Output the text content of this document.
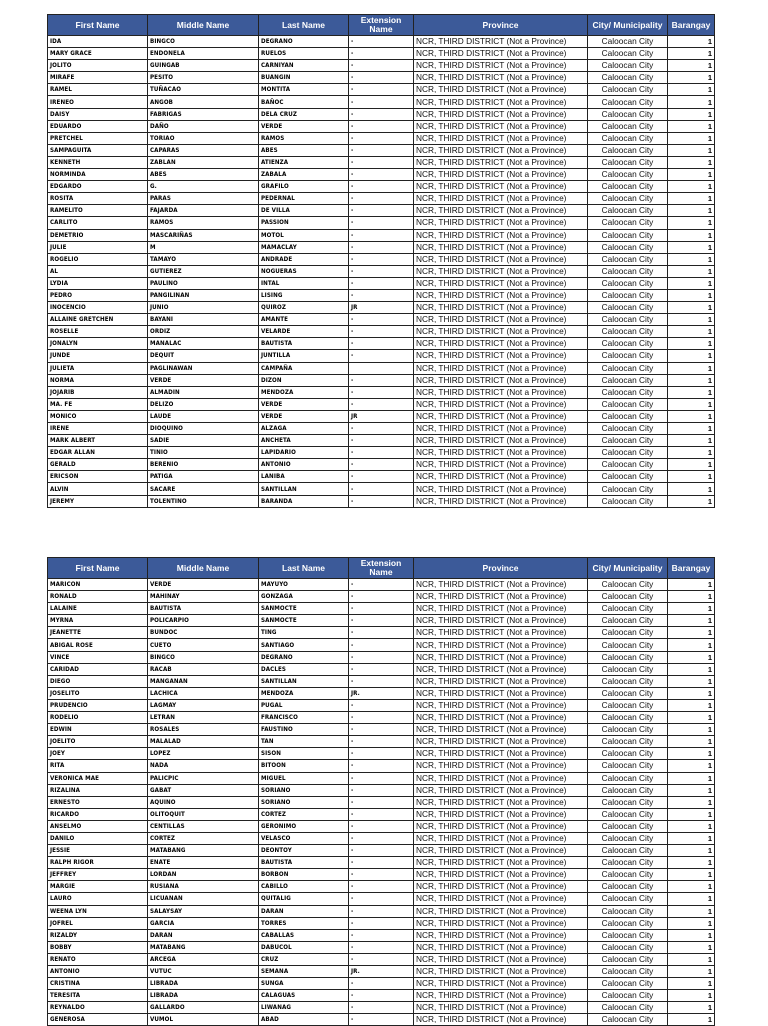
First Name	Middle Name	Last Name	Extension Name	Province	City/ Municipality	Barangay
IDA	BINGCO	DEGRANO	-	NCR, THIRD DISTRICT (Not a Province)	Caloocan City	1
MARY GRACE	ENDONELA	RUELOS	-	NCR, THIRD DISTRICT (Not a Province)	Caloocan City	1
JOLITO	GUINGAB	CARNIYAN	-	NCR, THIRD DISTRICT (Not a Province)	Caloocan City	1
MIRAFE	PESITO	BUANGIN	-	NCR, THIRD DISTRICT (Not a Province)	Caloocan City	1
RAMEL	TUÑACAO	MONTITA	-	NCR, THIRD DISTRICT (Not a Province)	Caloocan City	1
IRENEO	ANGOB	BAÑOC	-	NCR, THIRD DISTRICT (Not a Province)	Caloocan City	1
DAISY	FABRIGAS	DELA CRUZ	-	NCR, THIRD DISTRICT (Not a Province)	Caloocan City	1
EDUARDO	DAÑO	VERDE	-	NCR, THIRD DISTRICT (Not a Province)	Caloocan City	1
PRETCHEL	TORIAO	RAMOS	-	NCR, THIRD DISTRICT (Not a Province)	Caloocan City	1
SAMPAGUITA	CAPARAS	ABES	-	NCR, THIRD DISTRICT (Not a Province)	Caloocan City	1
KENNETH	ZABLAN	ATIENZA	-	NCR, THIRD DISTRICT (Not a Province)	Caloocan City	1
NORMINDA	ABES	ZABALA	-	NCR, THIRD DISTRICT (Not a Province)	Caloocan City	1
EDGARDO	G.	GRAFILO	-	NCR, THIRD DISTRICT (Not a Province)	Caloocan City	1
ROSITA	PARAS	PEDERNAL	-	NCR, THIRD DISTRICT (Not a Province)	Caloocan City	1
RAMELITO	FAJARDA	DE VILLA	-	NCR, THIRD DISTRICT (Not a Province)	Caloocan City	1
CARLITO	RAMOS	PASSION	-	NCR, THIRD DISTRICT (Not a Province)	Caloocan City	1
DEMETRIO	MASCARIÑAS	MOTOL	-	NCR, THIRD DISTRICT (Not a Province)	Caloocan City	1
JULIE	M	MAMACLAY	-	NCR, THIRD DISTRICT (Not a Province)	Caloocan City	1
ROGELIO	TAMAYO	ANDRADE	-	NCR, THIRD DISTRICT (Not a Province)	Caloocan City	1
AL	GUTIEREZ	NOGUERAS	-	NCR, THIRD DISTRICT (Not a Province)	Caloocan City	1
LYDIA	PAULINO	INTAL	-	NCR, THIRD DISTRICT (Not a Province)	Caloocan City	1
PEDRO	PANGILINAN	LISING	-	NCR, THIRD DISTRICT (Not a Province)	Caloocan City	1
INOCENCIO	JUNIO	QUIROZ	JR	NCR, THIRD DISTRICT (Not a Province)	Caloocan City	1
ALLAINE GRETCHEN	BAYANI	AMANTE	-	NCR, THIRD DISTRICT (Not a Province)	Caloocan City	1
ROSELLE	ORDIZ	VELARDE	-	NCR, THIRD DISTRICT (Not a Province)	Caloocan City	1
JONALYN	MANALAC	BAUTISTA	-	NCR, THIRD DISTRICT (Not a Province)	Caloocan City	1
JUNDE	DEQUIT	JUNTILLA	-	NCR, THIRD DISTRICT (Not a Province)	Caloocan City	1
JULIETA	PAGLINAWAN	CAMPAÑA		NCR, THIRD DISTRICT (Not a Province)	Caloocan City	1
NORMA	VERDE	DIZON	-	NCR, THIRD DISTRICT (Not a Province)	Caloocan City	1
JOJARIB	ALMADIN	MENDOZA	-	NCR, THIRD DISTRICT (Not a Province)	Caloocan City	1
MA. FE	DELIZO	VERDE	-	NCR, THIRD DISTRICT (Not a Province)	Caloocan City	1
MONICO	LAUDE	VERDE	JR	NCR, THIRD DISTRICT (Not a Province)	Caloocan City	1
IRENE	DIOQUINO	ALZAGA	-	NCR, THIRD DISTRICT (Not a Province)	Caloocan City	1
MARK ALBERT	SADIE	ANCHETA	-	NCR, THIRD DISTRICT (Not a Province)	Caloocan City	1
EDGAR ALLAN	TINIO	LAPIDARIO	-	NCR, THIRD DISTRICT (Not a Province)	Caloocan City	1
GERALD	BERENIO	ANTONIO	-	NCR, THIRD DISTRICT (Not a Province)	Caloocan City	1
ERICSON	PATIGA	LANIBA	-	NCR, THIRD DISTRICT (Not a Province)	Caloocan City	1
ALVIN	SACARE	SANTILLAN	-	NCR, THIRD DISTRICT (Not a Province)	Caloocan City	1
JEREMY	TOLENTINO	BARANDA	-	NCR, THIRD DISTRICT (Not a Province)	Caloocan City	1
First Name	Middle Name	Last Name	Extension Name	Province	City/ Municipality	Barangay
MARICON	VERDE	MAYUYO	-	NCR, THIRD DISTRICT (Not a Province)	Caloocan City	1
RONALD	MAHINAY	GONZAGA	-	NCR, THIRD DISTRICT (Not a Province)	Caloocan City	1
LALAINE	BAUTISTA	SANMOCTE	-	NCR, THIRD DISTRICT (Not a Province)	Caloocan City	1
MYRNA	POLICARPIO	SANMOCTE	-	NCR, THIRD DISTRICT (Not a Province)	Caloocan City	1
JEANETTE	BUNDOC	TING	-	NCR, THIRD DISTRICT (Not a Province)	Caloocan City	1
ABIGAL ROSE	CUETO	SANTIAGO	-	NCR, THIRD DISTRICT (Not a Province)	Caloocan City	1
VINCE	BINGCO	DEGRANO	-	NCR, THIRD DISTRICT (Not a Province)	Caloocan City	1
CARIDAD	RACAB	DACLES	-	NCR, THIRD DISTRICT (Not a Province)	Caloocan City	1
DIEGO	MANGANAN	SANTILLAN	-	NCR, THIRD DISTRICT (Not a Province)	Caloocan City	1
JOSELITO	LACHICA	MENDOZA	JR.	NCR, THIRD DISTRICT (Not a Province)	Caloocan City	1
PRUDENCIO	LAGMAY	PUGAL	-	NCR, THIRD DISTRICT (Not a Province)	Caloocan City	1
RODELIO	LETRAN	FRANCISCO	-	NCR, THIRD DISTRICT (Not a Province)	Caloocan City	1
EDWIN	ROSALES	FAUSTINO	-	NCR, THIRD DISTRICT (Not a Province)	Caloocan City	1
JOELITO	MALALAD	TAN	-	NCR, THIRD DISTRICT (Not a Province)	Caloocan City	1
JOEY	LOPEZ	SISON	-	NCR, THIRD DISTRICT (Not a Province)	Caloocan City	1
RITA	NADA	BITOON	-	NCR, THIRD DISTRICT (Not a Province)	Caloocan City	1
VERONICA MAE	PALICPIC	MIGUEL	-	NCR, THIRD DISTRICT (Not a Province)	Caloocan City	1
RIZALINA	GABAT	SORIANO	-	NCR, THIRD DISTRICT (Not a Province)	Caloocan City	1
ERNESTO	AQUINO	SORIANO	-	NCR, THIRD DISTRICT (Not a Province)	Caloocan City	1
RICARDO	OLITOQUIT	CORTEZ	-	NCR, THIRD DISTRICT (Not a Province)	Caloocan City	1
ANSELMO	CENTILLAS	GERONIMO	-	NCR, THIRD DISTRICT (Not a Province)	Caloocan City	1
DANILO	CORTEZ	VELASCO	-	NCR, THIRD DISTRICT (Not a Province)	Caloocan City	1
JESSIE	MATABANG	DEONTOY	-	NCR, THIRD DISTRICT (Not a Province)	Caloocan City	1
RALPH RIGOR	ENATE	BAUTISTA	-	NCR, THIRD DISTRICT (Not a Province)	Caloocan City	1
JEFFREY	LORDAN	BORBON	-	NCR, THIRD DISTRICT (Not a Province)	Caloocan City	1
MARGIE	RUSIANA	CABILLO	-	NCR, THIRD DISTRICT (Not a Province)	Caloocan City	1
LAURO	LICUANAN	QUITALIG	-	NCR, THIRD DISTRICT (Not a Province)	Caloocan City	1
WEENA LYN	SALAYSAY	DARAN	-	NCR, THIRD DISTRICT (Not a Province)	Caloocan City	1
JOFREL	GARCIA	TORRES	-	NCR, THIRD DISTRICT (Not a Province)	Caloocan City	1
RIZALDY	DARAN	CABALLAS	-	NCR, THIRD DISTRICT (Not a Province)	Caloocan City	1
BOBBY	MATABANG	DABUCOL	-	NCR, THIRD DISTRICT (Not a Province)	Caloocan City	1
RENATO	ARCEGA	CRUZ	-	NCR, THIRD DISTRICT (Not a Province)	Caloocan City	1
ANTONIO	VUTUC	SEMANA	JR.	NCR, THIRD DISTRICT (Not a Province)	Caloocan City	1
CRISTINA	LIBRADA	SUNGA	-	NCR, THIRD DISTRICT (Not a Province)	Caloocan City	1
TERESITA	LIBRADA	CALAGUAS	-	NCR, THIRD DISTRICT (Not a Province)	Caloocan City	1
REYNALDO	GALLARDO	LIWANAG	-	NCR, THIRD DISTRICT (Not a Province)	Caloocan City	1
GENEROSA	VUMOL	ABAD	-	NCR, THIRD DISTRICT (Not a Province)	Caloocan City	1
